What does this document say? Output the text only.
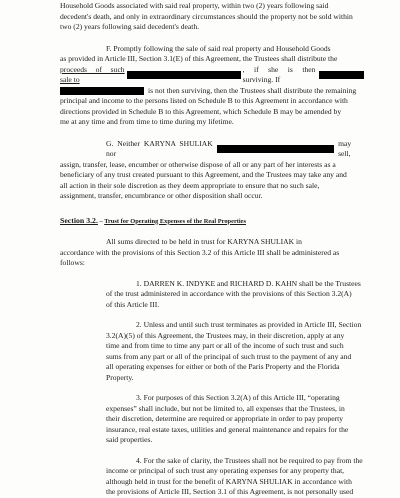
Household Goods associated with said real property, within two (2) years following said
decedent's death, and only in extraordinary circumstances should the property not be sold within
two (2) years following said decedent's death.
F. Promptly following the sale of said real property and Household Goods
as provided in Article III, Section 3.1(E) of this Agreement, the Trustees shall distribute the
proceeds of such sale to
, if she is then surviving. If
is not then surviving, then the Trustees shall distribute the remaining
principal and income to the persons listed on Schedule B to this Agreement in accordance with
directions provided in Schedule B to this Agreement, which Schedule B may be amended by
me at any time and from time to time during my lifetime.
G. Neither KARYNA SHULIAK nor
may sell,
assign, transfer, lease, encumber or otherwise dispose of all or any part of her interests as a
beneficiary of any trust created pursuant to this Agreement, and the Trustees may take any and
all action in their sole discretion as they deem appropriate to ensure that no such sale,
assignment, transfer, encumbrance or other disposition shall occur.
Section 3.2. – Trust for Operating Expenses of the Real Properties
All sums directed to be held in trust for KARYNA SHULIAK in
accordance with the provisions of this Section 3.2 of this Article III shall be administered as
follows:
1. DARREN K. INDYKE and RICHARD D. KAHN shall be the Trustees
of the trust administered in accordance with the provisions of this Section 3.2(A)
of this Article III.
2. Unless and until such trust terminates as provided in Article III, Section
3.2(A)(5) of this Agreement, the Trustees may, in their discretion, apply at any
time and from time to time any part or all of the income of such trust and such
sums from any part or all of the principal of such trust to the payment of any and
all operating expenses for either or both of the Paris Property and the Florida
Property.
3. For purposes of this Section 3.2(A) of this Article III, “operating
expenses” shall include, but not be limited to, all expenses that the Trustees, in
their discretion, determine are required or appropriate in order to pay property
insurance, real estate taxes, utilities and general maintenance and repairs for the
said properties.
4. For the sake of clarity, the Trustees shall not be required to pay from the
income or principal of such trust any operating expenses for any property that,
although held in trust for the benefit of KARYNA SHULIAK in accordance with
the provisions of Article III, Section 3.1 of this Agreement, is not personally used
